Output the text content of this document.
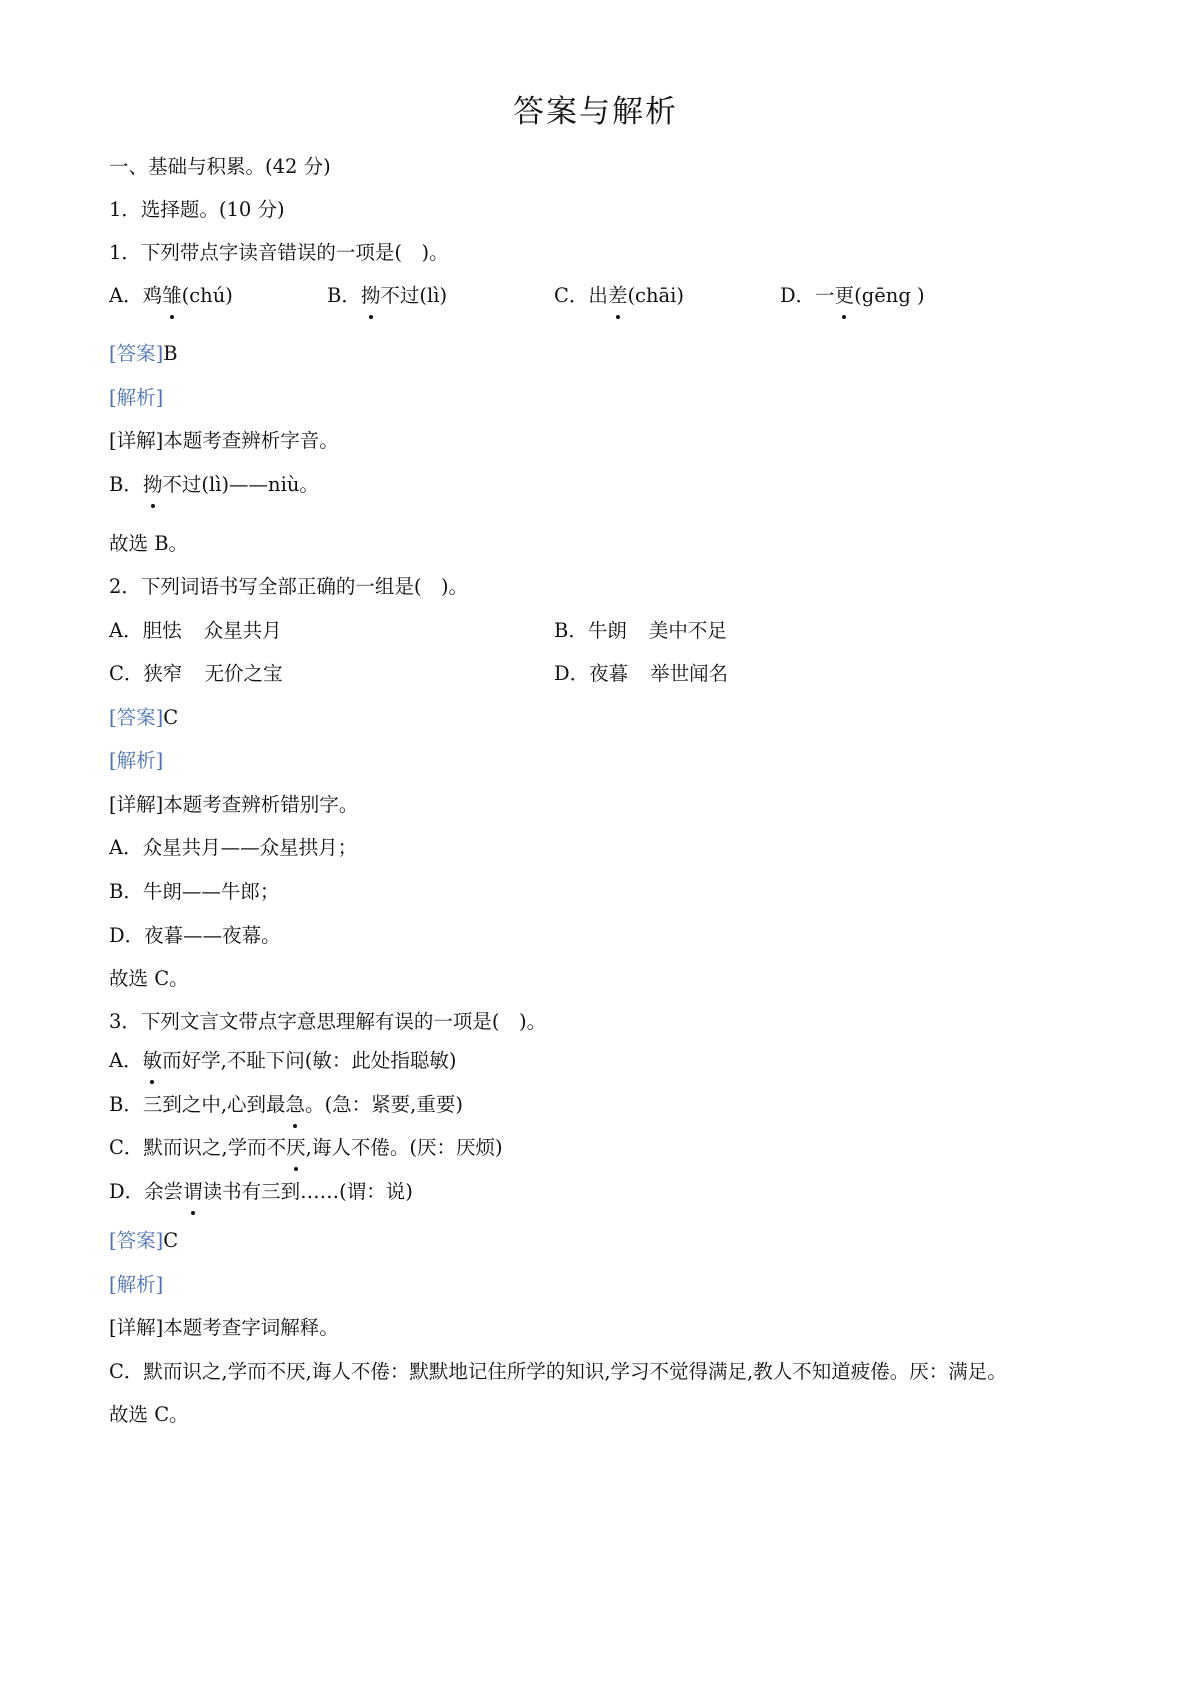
答案与解析
一、基础与积累。(42 分)
1．选择题。(10 分)
1．下列带点字读音错误的一项是(　)。
A．鸡雏(chú)	B．拗不过(lì)	C．出差(chāi)	D．一更(gēng )
[答案]B
[解析]
[详解]本题考查辨析字音。
B．拗不过(lì)——niù。
故选 B。
2．下列词语书写全部正确的一组是(　)。
A．胆怯 众星共月	B．牛朗 美中不足
C．狭窄 无价之宝	D．夜暮 举世闻名
[答案]C
[解析]
[详解]本题考查辨析错别字。
A．众星共月——众星拱月；
B．牛朗——牛郎；
D．夜暮——夜幕。
故选 C。
3．下列文言文带点字意思理解有误的一项是(　)。
A．敏而好学,不耻下问(敏：此处指聪敏)
B．三到之中,心到最急。(急：紧要,重要)
C．默而识之,学而不厌,诲人不倦。(厌：厌烦)
D．余尝谓读书有三到……(谓：说)
[答案]C
[解析]
[详解]本题考查字词解释。
C．默而识之,学而不厌,诲人不倦：默默地记住所学的知识,学习不觉得满足,教人不知道疲倦。厌：满足。
故选 C。
